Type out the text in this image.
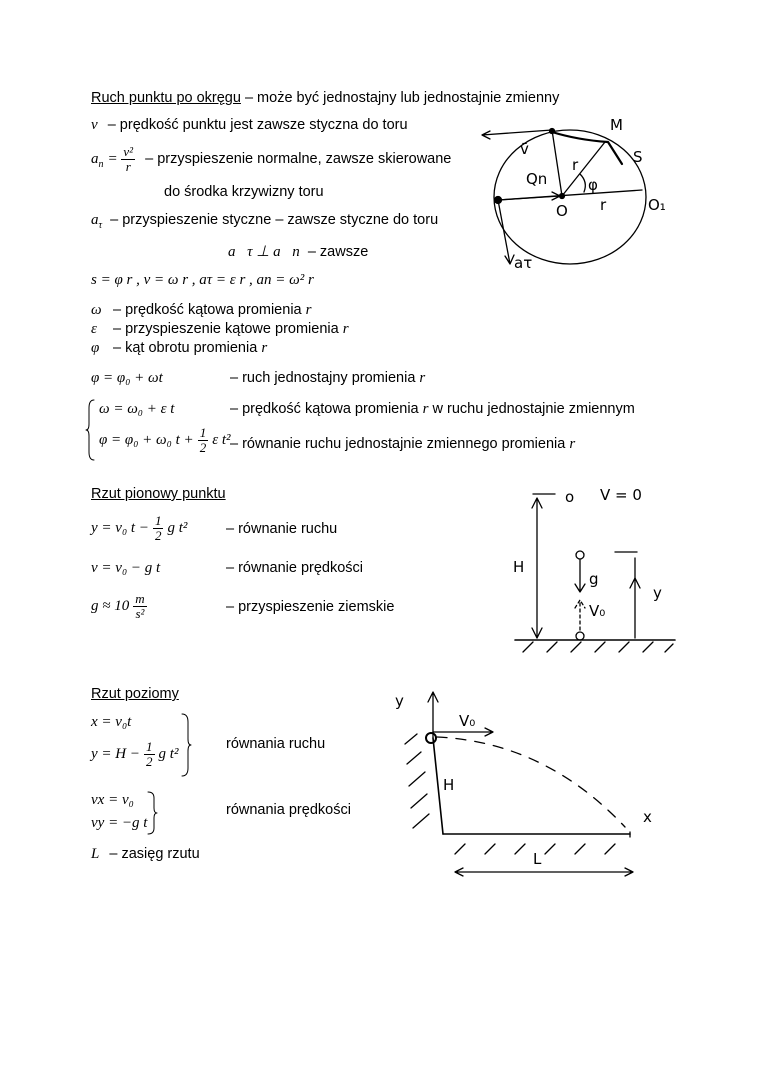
Ruch punktu po okręgu – może być jednostajny lub jednostajnie zmienny
v – prędkość punktu jest zawsze styczna do toru
$a_n = \frac{\text{v²}}{r}$ – przyspieszenie normalne, zawsze skierowane
do środka krzywizny toru
$a_\tau$ – przyspieszenie styczne – zawsze styczne do toru
a⃗τ ⊥ a⃗n – zawsze
s = φ r , v = ω r , aτ = ε r , an = ω² r
ω – prędkość kątowa promienia r
ε – przyspieszenie kątowe promienia r
φ – kąt obrotu promienia r
φ = φ₀ + ωt	– ruch jednostajny promienia r
ω = ω₀ + ε t	– prędkość kątowa promienia r w ruchu jednostajnie zmiennym
φ = φ₀ + ω₀ $t + \frac{1}{2}$ ε t² – równanie ruchu jednostajnie zmiennego promienia r
M
S
Qn
r
φ
O r	O₁
v̄
aτ
Rzut pionowy punktu
y = v₀ $t - \frac{1}{2}$ g t²	– równanie ruchu
v = v₀ − g t	– równanie prędkości
$g \approx 10 \frac{m}{\text{s²}}$	– przyspieszenie ziemskie
o V = 0
H
g
V₀
y
Rzut poziomy
x = v₀t
$y = H - \frac{1}{2}$ g t²
równania ruchu
vx = v₀
vy = −g t
równania prędkości
L – zasięg rzutu
y
V₀
H
x
L
